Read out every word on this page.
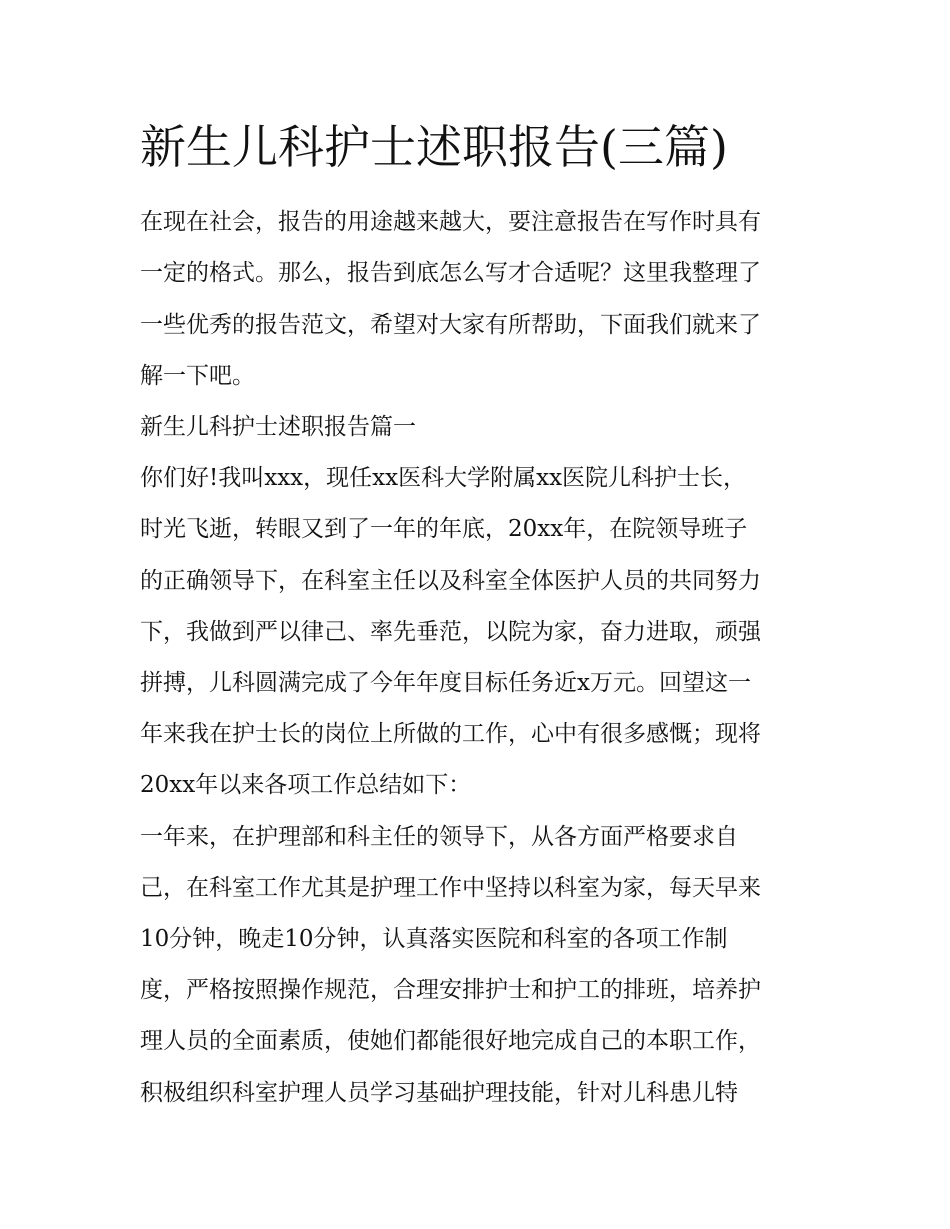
新生儿科护士述职报告(三篇)
在现在社会，报告的用途越来越大，要注意报告在写作时具有
一定的格式。那么，报告到底怎么写才合适呢？这里我整理了
一些优秀的报告范文，希望对大家有所帮助，下面我们就来了
解一下吧。
新生儿科护士述职报告篇一
你们好!我叫xxx，现任xx医科大学附属xx医院儿科护士长，
时光飞逝，转眼又到了一年的年底，20xx年，在院领导班子
的正确领导下，在科室主任以及科室全体医护人员的共同努力
下，我做到严以律己、率先垂范，以院为家，奋力进取，顽强
拼搏，儿科圆满完成了今年年度目标任务近x万元。回望这一
年来我在护士长的岗位上所做的工作，心中有很多感慨；现将
20xx年以来各项工作总结如下：
一年来，在护理部和科主任的领导下，从各方面严格要求自
己，在科室工作尤其是护理工作中坚持以科室为家，每天早来
10分钟，晚走10分钟，认真落实医院和科室的各项工作制
度，严格按照操作规范，合理安排护士和护工的排班，培养护
理人员的全面素质，使她们都能很好地完成自己的本职工作，
积极组织科室护理人员学习基础护理技能，针对儿科患儿特
